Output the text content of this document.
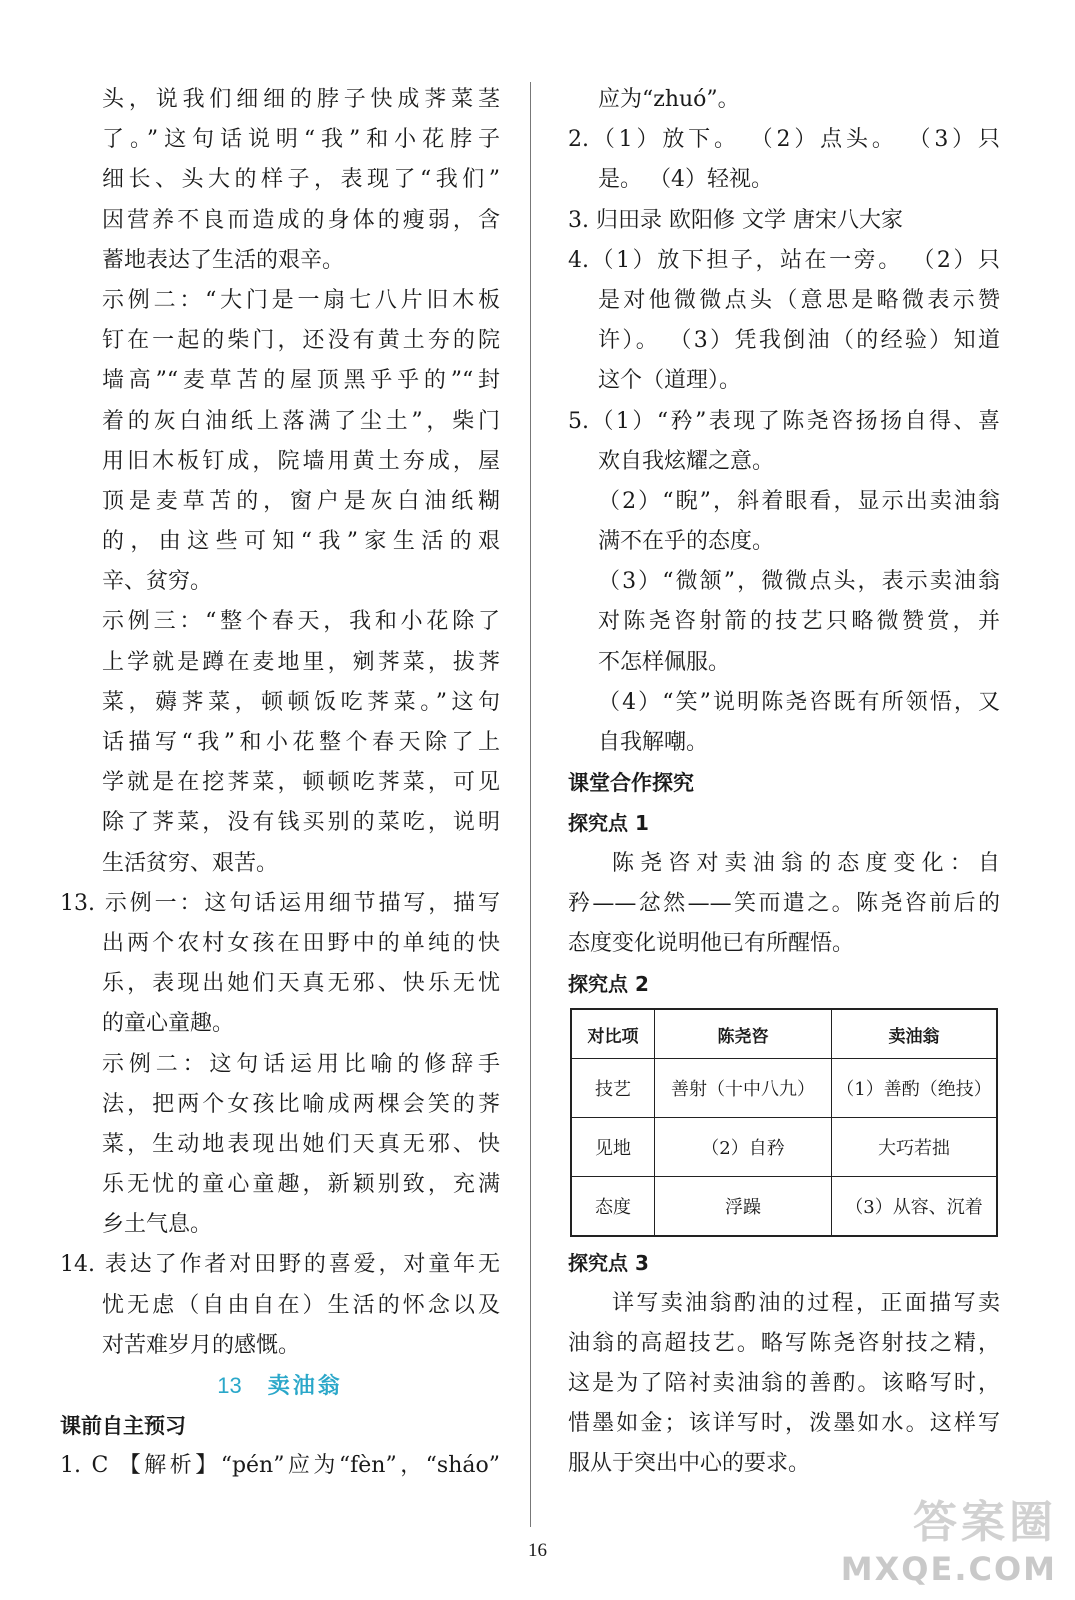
头，说我们细细的脖子快成荠菜茎
了。”这句话说明“我”和小花脖子
细长、头大的样子，表现了“我们”
因营养不良而造成的身体的瘦弱，含
蓄地表达了生活的艰辛。
示例二：“大门是一扇七八片旧木板
钉在一起的柴门，还没有黄土夯的院
墙高”“麦草苫的屋顶黑乎乎的”“封
着的灰白油纸上落满了尘土”，柴门
用旧木板钉成，院墙用黄土夯成，屋
顶是麦草苫的，窗户是灰白油纸糊
的，由这些可知“我”家生活的艰
辛、贫穷。
示例三：“整个春天，我和小花除了
上学就是蹲在麦地里，剜荠菜，拔荠
菜，薅荠菜，顿顿饭吃荠菜。”这句
话描写“我”和小花整个春天除了上
学就是在挖荠菜，顿顿吃荠菜，可见
除了荠菜，没有钱买别的菜吃，说明
生活贫穷、艰苦。
13. 示例一：这句话运用细节描写，描写
出两个农村女孩在田野中的单纯的快
乐，表现出她们天真无邪、快乐无忧
的童心童趣。
示例二：这句话运用比喻的修辞手
法，把两个女孩比喻成两棵会笑的荠
菜，生动地表现出她们天真无邪、快
乐无忧的童心童趣，新颖别致，充满
乡土气息。
14. 表达了作者对田野的喜爱，对童年无
忧无虑（自由自在）生活的怀念以及
对苦难岁月的感慨。
13 卖油翁
课前自主预习
1. C 【解析】“pén”应为“fèn”，“sháo”
应为“zhuó”。
2.（1）放下。 （2）点头。 （3）只
是。 （4）轻视。
3. 归田录 欧阳修 文学 唐宋八大家
4.（1）放下担子，站在一旁。 （2）只
是对他微微点头（意思是略微表示赞
许）。 （3）凭我倒油（的经验）知道
这个（道理）。
5.（1）“矜”表现了陈尧咨扬扬自得、喜
欢自我炫耀之意。
（2）“睨”，斜着眼看，显示出卖油翁
满不在乎的态度。
（3）“微颔”，微微点头，表示卖油翁
对陈尧咨射箭的技艺只略微赞赏，并
不怎样佩服。
（4）“笑”说明陈尧咨既有所领悟，又
自我解嘲。
课堂合作探究
探究点 1
陈尧咨对卖油翁的态度变化：自
矜——忿然——笑而遣之。陈尧咨前后的
态度变化说明他已有所醒悟。
探究点 2
对比项	陈尧咨	卖油翁
技艺	善射（十中八九）	（1）善酌（绝技）
见地	（2）自矜	大巧若拙
态度	浮躁	（3）从容、沉着
探究点 3
详写卖油翁酌油的过程，正面描写卖
油翁的高超技艺。略写陈尧咨射技之精，
这是为了陪衬卖油翁的善酌。该略写时，
惜墨如金；该详写时，泼墨如水。这样写
服从于突出中心的要求。
16
答案圈
MXQE.COM
